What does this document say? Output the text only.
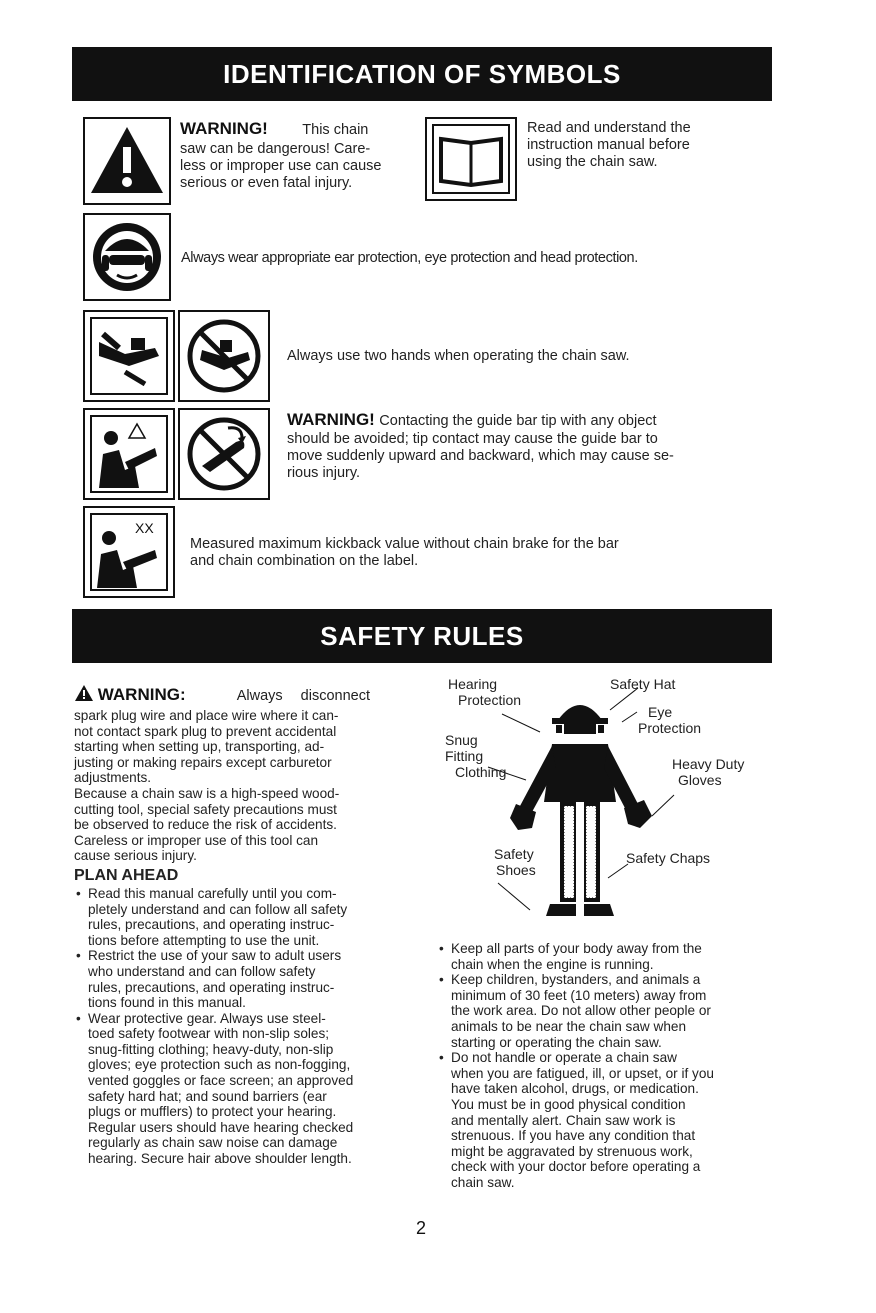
IDENTIFICATION OF SYMBOLS
WARNING! This chain
saw can be dangerous! Care-
less or improper use can cause
serious or even fatal injury.
Read and understand the
instruction manual before
using the chain saw.
Always wear appropriate ear protection, eye protection and head protection.
Always use two hands when operating the chain saw.
WARNING! Contacting the guide bar tip with any object
should be avoided; tip contact may cause the guide bar to
move suddenly upward and backward, which may cause se-
rious injury.
XX
Measured maximum kickback value without chain brake for the bar
and chain combination on the label.
SAFETY RULES
WARNING:	Always disconnect

spark plug wire and place wire where it can-

not contact spark plug to prevent accidental

starting when setting up, transporting, ad-

justing or making repairs except carburetor

adjustments.

Because a chain saw is a high-speed wood-

cutting tool, special safety precautions must

be observed to reduce the risk of accidents.

Careless or improper use of this tool can

cause serious injury.

PLAN AHEAD

• Read this manual carefully until you com-

pletely understand and can follow all safety

rules, precautions, and operating instruc-

tions before attempting to use the unit.

• Restrict the use of your saw to adult users

who understand and can follow safety

rules, precautions, and operating instruc-

tions found in this manual.

• Wear protective gear. Always use steel-

toed safety footwear with non-slip soles;

snug-fitting clothing; heavy-duty, non-slip

gloves; eye protection such as non-fogging,

vented goggles or face screen; an approved

safety hard hat; and sound barriers (ear

plugs or mufflers) to protect your hearing.

Regular users should have hearing checked

regularly as chain saw noise can damage

hearing. Secure hair above shoulder length.

Hearing
Protection
Safety Hat
Eye
Protection
Snug
Fitting
Clothing	Heavy Duty
Gloves
Safety
Shoes
Safety Chaps

• Keep all parts of your body away from the

chain when the engine is running.

• Keep children, bystanders, and animals a

minimum of 30 feet (10 meters) away from

the work area. Do not allow other people or

animals to be near the chain saw when

starting or operating the chain saw.

• Do not handle or operate a chain saw

when you are fatigued, ill, or upset, or if you

have taken alcohol, drugs, or medication.

You must be in good physical condition

and mentally alert. Chain saw work is

strenuous. If you have any condition that

might be aggravated by strenuous work,

check with your doctor before operating a

chain saw.

2
